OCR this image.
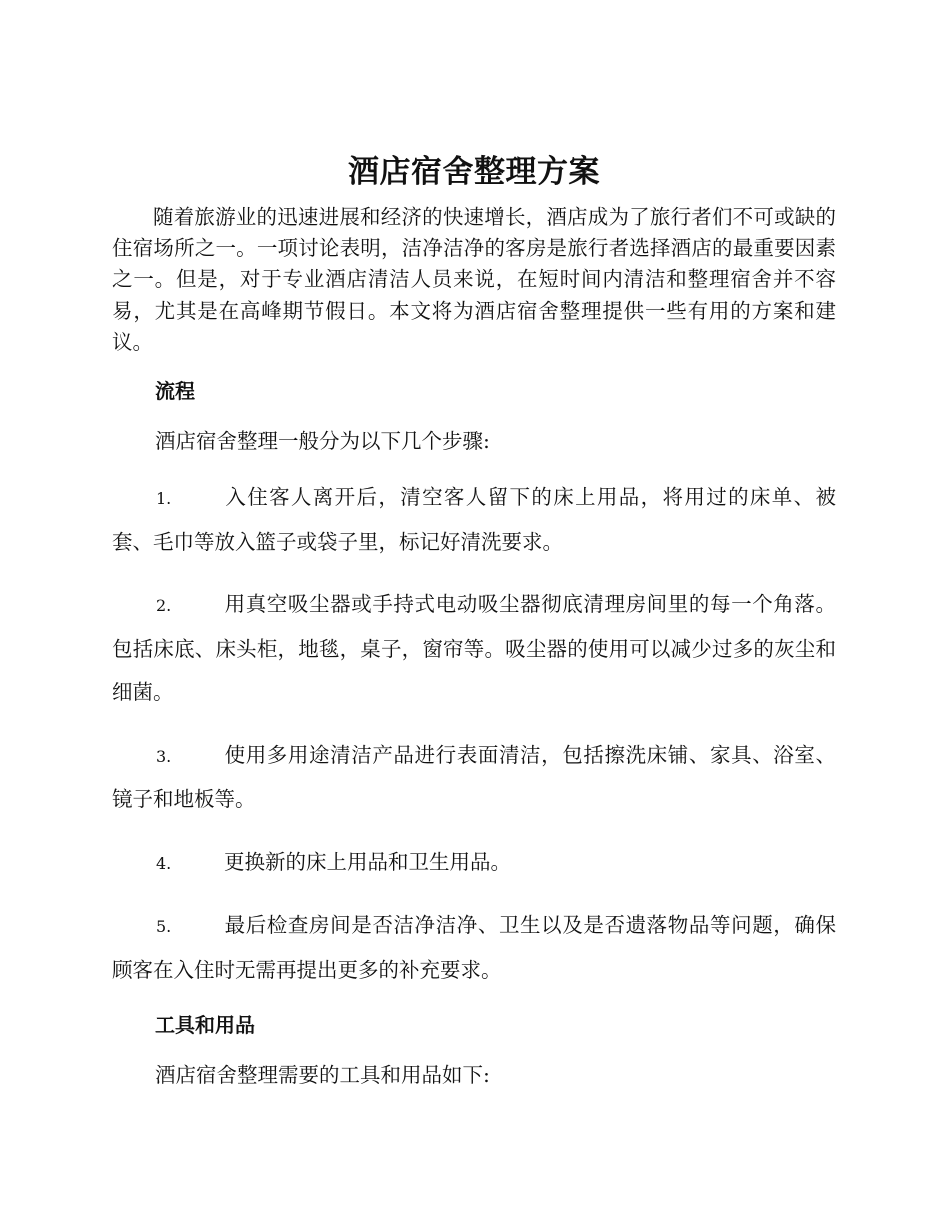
酒店宿舍整理方案

随着旅游业的迅速进展和经济的快速增长，酒店成为了旅行者们不可或缺的住宿场所之一。一项讨论表明，洁净洁净的客房是旅行者选择酒店的最重要因素之一。但是，对于专业酒店清洁人员来说，在短时间内清洁和整理宿舍并不容易，尤其是在高峰期节假日。本文将为酒店宿舍整理提供一些有用的方案和建议。

流程
酒店宿舍整理一般分为以下几个步骤:
1.	入住客人离开后，清空客人留下的床上用品，将用过的床单、被套、毛巾等放入篮子或袋子里，标记好清洗要求。
2.	用真空吸尘器或手持式电动吸尘器彻底清理房间里的每一个角落。包括床底、床头柜，地毯，桌子，窗帘等。吸尘器的使用可以减少过多的灰尘和细菌。
3.	使用多用途清洁产品进行表面清洁，包括擦洗床铺、家具、浴室、镜子和地板等。
4.	更换新的床上用品和卫生用品。
5.	最后检查房间是否洁净洁净、卫生以及是否遗落物品等问题，确保顾客在入住时无需再提出更多的补充要求。
工具和用品
酒店宿舍整理需要的工具和用品如下:
